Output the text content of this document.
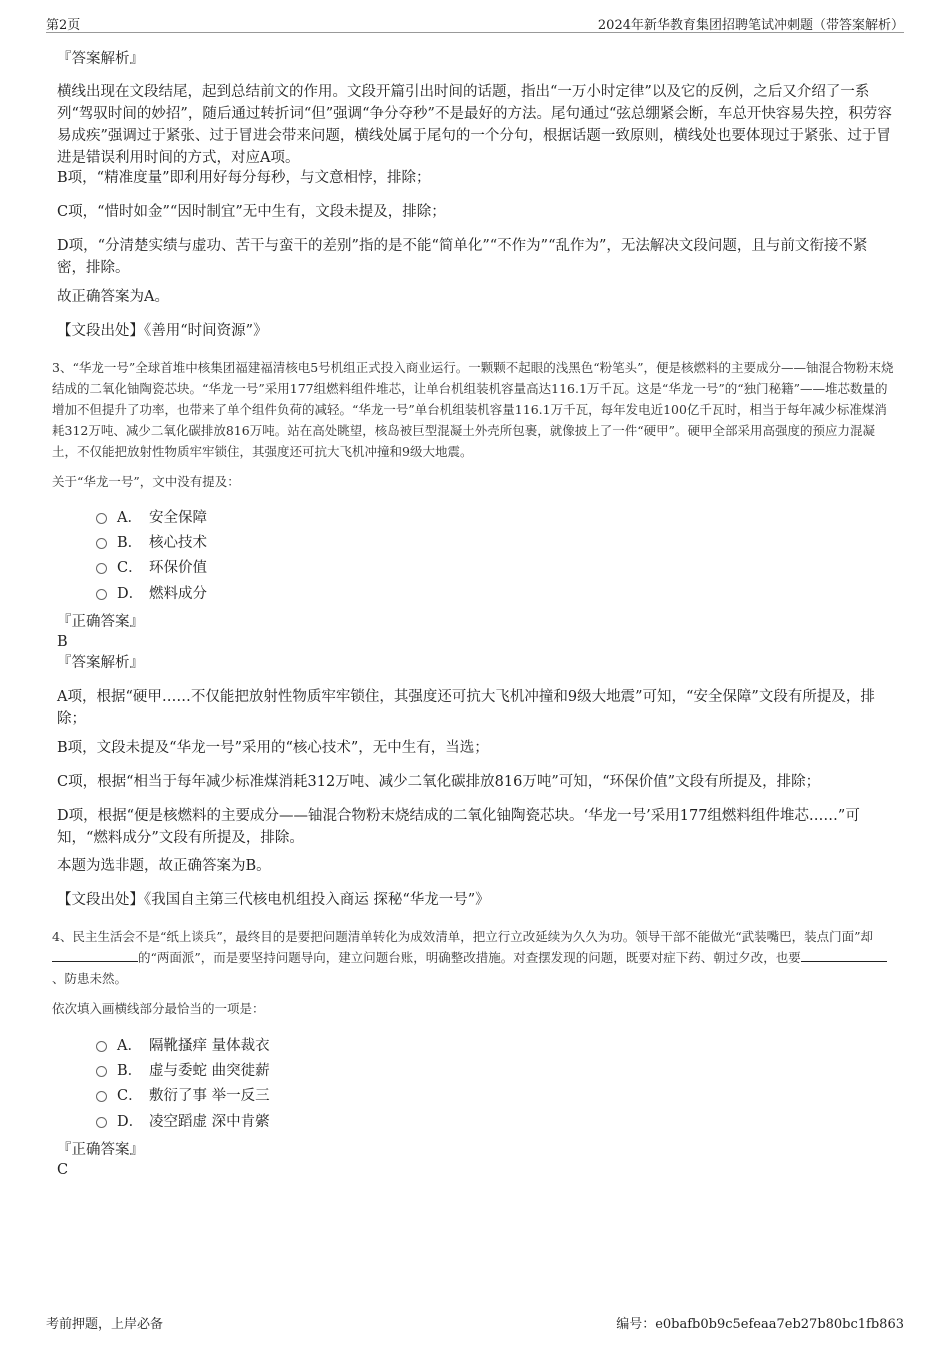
第2页	2024年新华教育集团招聘笔试冲刺题（带答案解析）
『答案解析』
横线出现在文段结尾，起到总结前文的作用。文段开篇引出时间的话题，指出“一万小时定律”以及它的反例，之后又介绍了一系列“驾驭时间的妙招”，随后通过转折词“但”强调“争分夺秒”不是最好的方法。尾句通过“弦总绷紧会断，车总开快容易失控，积劳容易成疾”强调过于紧张、过于冒进会带来问题，横线处属于尾句的一个分句，根据话题一致原则，横线处也要体现过于紧张、过于冒进是错误利用时间的方式，对应A项。
B项，“精准度量”即利用好每分每秒，与文意相悖，排除；
C项，“惜时如金”“因时制宜”无中生有，文段未提及，排除；
D项，“分清楚实绩与虚功、苦干与蛮干的差别”指的是不能“简单化”“不作为”“乱作为”，无法解决文段问题，且与前文衔接不紧密，排除。
故正确答案为A。
【文段出处】《善用“时间资源”》
3、“华龙一号”全球首堆中核集团福建福清核电5号机组正式投入商业运行。一颗颗不起眼的浅黑色“粉笔头”，便是核燃料的主要成分——铀混合物粉末烧结成的二氧化铀陶瓷芯块。“华龙一号”采用177组燃料组件堆芯，让单台机组装机容量高达116.1万千瓦。这是“华龙一号”的“独门秘籍”——堆芯数量的增加不但提升了功率，也带来了单个组件负荷的减轻。“华龙一号”单台机组装机容量116.1万千瓦，每年发电近100亿千瓦时，相当于每年减少标准煤消耗312万吨、减少二氧化碳排放816万吨。站在高处眺望，核岛被巨型混凝土外壳所包裹，就像披上了一件“硬甲”。硬甲全部采用高强度的预应力混凝土，不仅能把放射性物质牢牢锁住，其强度还可抗大飞机冲撞和9级大地震。
关于“华龙一号”，文中没有提及：
A． 安全保障
B． 核心技术
C． 环保价值
D． 燃料成分
『正确答案』
B
『答案解析』
A项，根据“硬甲……不仅能把放射性物质牢牢锁住，其强度还可抗大飞机冲撞和9级大地震”可知，“安全保障”文段有所提及，排除；
B项，文段未提及“华龙一号”采用的“核心技术”，无中生有，当选；
C项，根据“相当于每年减少标准煤消耗312万吨、减少二氧化碳排放816万吨”可知，“环保价值”文段有所提及，排除；
D项，根据“便是核燃料的主要成分——铀混合物粉末烧结成的二氧化铀陶瓷芯块。‘华龙一号’采用177组燃料组件堆芯……”可知，“燃料成分”文段有所提及，排除。
本题为选非题，故正确答案为B。
【文段出处】《我国自主第三代核电机组投入商运 探秘“华龙一号”》
4、民主生活会不是“纸上谈兵”，最终目的是要把问题清单转化为成效清单，把立行立改延续为久久为功。领导干部不能做光“武装嘴巴，装点门面”却的“两面派”，而是要坚持问题导向，建立问题台账，明确整改措施。对查摆发现的问题，既要对症下药、朝过夕改，也要、防患未然。
依次填入画横线部分最恰当的一项是：
A． 隔靴搔痒 量体裁衣
B． 虚与委蛇 曲突徙薪
C． 敷衍了事 举一反三
D． 凌空蹈虚 深中肯綮
『正确答案』
C
考前押题，上岸必备	编号：e0bafb0b9c5efeaa7eb27b80bc1fb863
